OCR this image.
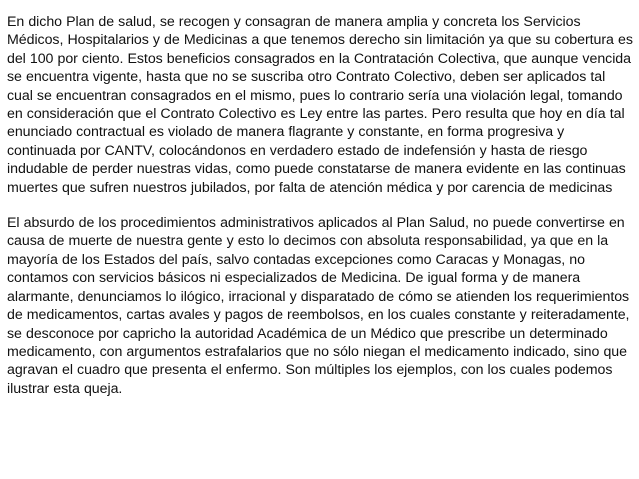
En dicho Plan de salud, se recogen y consagran de manera amplia y concreta los Servicios Médicos, Hospitalarios y de Medicinas a que tenemos derecho sin limitación ya que su cobertura es del 100 por ciento. Estos beneficios consagrados en la Contratación Colectiva, que aunque vencida se encuentra vigente, hasta que no se suscriba otro Contrato Colectivo, deben ser aplicados tal cual se encuentran consagrados en el mismo, pues lo contrario sería una violación legal, tomando en consideración que el Contrato Colectivo es Ley entre las partes. Pero resulta que hoy en día tal enunciado contractual es violado de manera flagrante y constante, en forma progresiva y continuada por CANTV, colocándonos en verdadero estado de indefensión y hasta de riesgo indudable de perder nuestras vidas, como puede constatarse de manera evidente en las continuas muertes que sufren nuestros jubilados, por falta de atención médica y por carencia de medicinas

El absurdo de los procedimientos administrativos aplicados al Plan Salud, no puede convertirse en causa de muerte de nuestra gente y esto lo decimos con absoluta responsabilidad, ya que en la mayoría de los Estados del país, salvo contadas excepciones como Caracas y Monagas, no contamos con servicios básicos ni especializados de Medicina. De igual forma y de manera alarmante, denunciamos lo ilógico, irracional y disparatado de cómo se atienden los requerimientos de medicamentos, cartas avales y pagos de reembolsos, en los cuales constante y reiteradamente, se desconoce por capricho la autoridad Académica de un Médico que prescribe un determinado medicamento, con argumentos estrafalarios que no sólo niegan el medicamento indicado, sino que agravan el cuadro que presenta el enfermo. Son múltiples los ejemplos, con los cuales podemos ilustrar esta queja.
